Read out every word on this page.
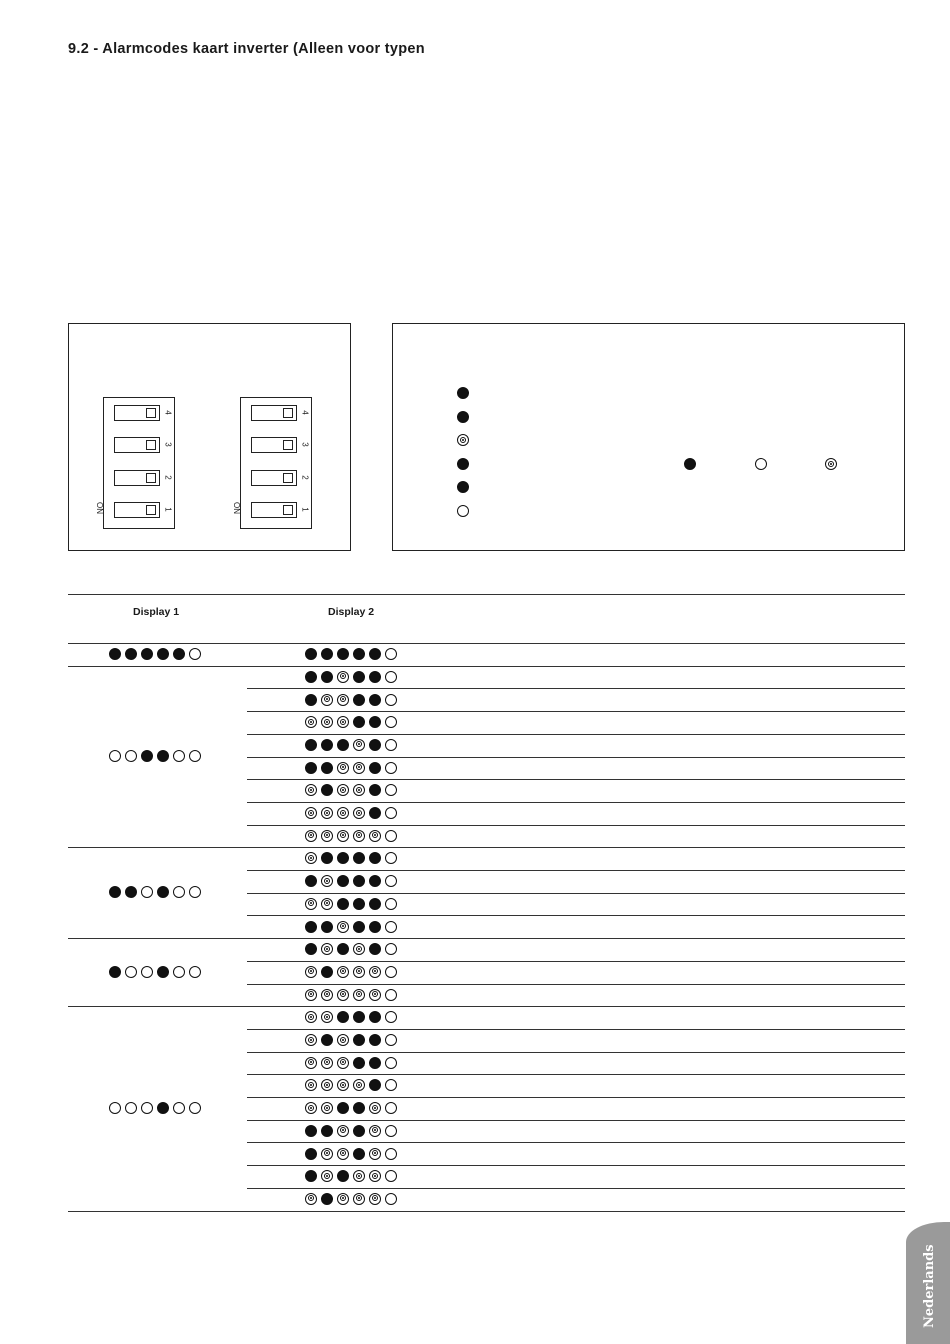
9.2 - Alarmcodes kaart inverter (Alleen voor typen
4
3
2
1
ON
4
3
2
1
ON
Display 1	Display 2
Nederlands
